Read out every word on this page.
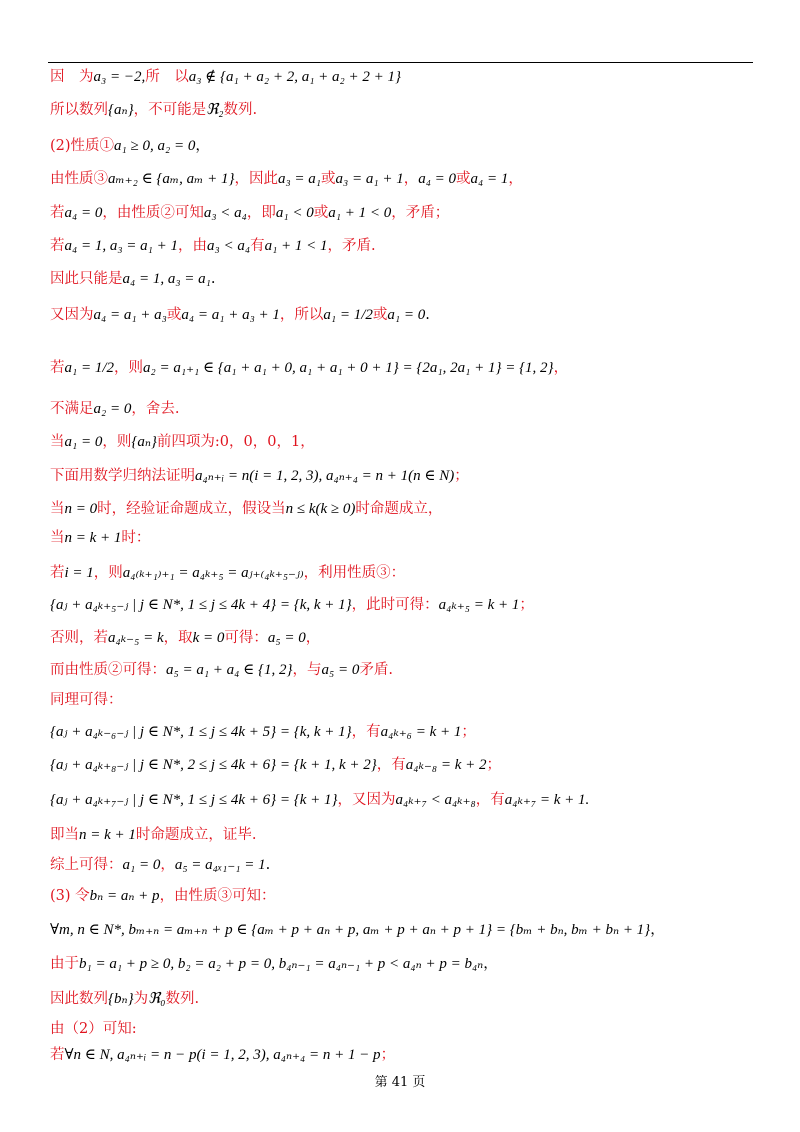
因　为a₃ = −2,所　以a₃ ∉ {a₁ + a₂ + 2, a₁ + a₂ + 2 + 1}
所以数列{aₙ}，不可能是ℜ₂数列.
(2)性质①a₁ ≥ 0, a₂ = 0，
由性质③aₘ₊₂ ∈ {aₘ, aₘ + 1}，因此a₃ = a₁或a₃ = a₁ + 1，a₄ = 0或a₄ = 1，
若a₄ = 0，由性质②可知a₃ < a₄，即a₁ < 0或a₁ + 1 < 0，矛盾；
若a₄ = 1, a₃ = a₁ + 1，由a₃ < a₄有a₁ + 1 < 1，矛盾.
因此只能是a₄ = 1, a₃ = a₁.
又因为a₄ = a₁ + a₃或a₄ = a₁ + a₃ + 1，所以a₁ = 1/2或a₁ = 0.
若a₁ = 1/2，则a₂ = a₁₊₁ ∈ {a₁ + a₁ + 0, a₁ + a₁ + 0 + 1} = {2a₁, 2a₁ + 1} = {1, 2}，
不满足a₂ = 0，舍去.
当a₁ = 0，则{aₙ}前四项为:0，0，0，1，
下面用数学归纳法证明a₄ₙ₊ᵢ = n(i = 1, 2, 3), a₄ₙ₊₄ = n + 1(n ∈ N)；
当n = 0时，经验证命题成立，假设当n ≤ k(k ≥ 0)时命题成立，
当n = k + 1时：
若i = 1，则a₄₍ₖ₊₁₎₊₁ = a₄ₖ₊₅ = aⱼ₊₍₄ₖ₊₅₋ⱼ₎，利用性质③：
{aⱼ + a₄ₖ₊₅₋ⱼ | j ∈ N*, 1 ≤ j ≤ 4k + 4} = {k, k + 1}，此时可得：a₄ₖ₊₅ = k + 1；
否则，若a₄ₖ₋₅ = k，取k = 0可得：a₅ = 0，
而由性质②可得：a₅ = a₁ + a₄ ∈ {1, 2}，与a₅ = 0矛盾.
同理可得：
{aⱼ + a₄ₖ₋₆₋ⱼ | j ∈ N*, 1 ≤ j ≤ 4k + 5} = {k, k + 1}，有a₄ₖ₊₆ = k + 1；
{aⱼ + a₄ₖ₊₈₋ⱼ | j ∈ N*, 2 ≤ j ≤ 4k + 6} = {k + 1, k + 2}，有a₄ₖ₋₈ = k + 2；
{aⱼ + a₄ₖ₊₇₋ⱼ | j ∈ N*, 1 ≤ j ≤ 4k + 6} = {k + 1}，又因为a₄ₖ₊₇ < a₄ₖ₊₈，有a₄ₖ₊₇ = k + 1.
即当n = k + 1时命题成立，证毕.
综上可得：a₁ = 0，a₅ = a₄ₓ₁₋₁ = 1.
(3) 令bₙ = aₙ + p，由性质③可知：
∀m, n ∈ N*, bₘ₊ₙ = aₘ₊ₙ + p ∈ {aₘ + p + aₙ + p, aₘ + p + aₙ + p + 1} = {bₘ + bₙ, bₘ + bₙ + 1}，
由于b₁ = a₁ + p ≥ 0, b₂ = a₂ + p = 0, b₄ₙ₋₁ = a₄ₙ₋₁ + p < a₄ₙ + p = b₄ₙ，
因此数列{bₙ}为ℜ₀数列.
由（2）可知:
若∀n ∈ N, a₄ₙ₊ᵢ = n − p(i = 1, 2, 3), a₄ₙ₊₄ = n + 1 − p；
第 41 页
